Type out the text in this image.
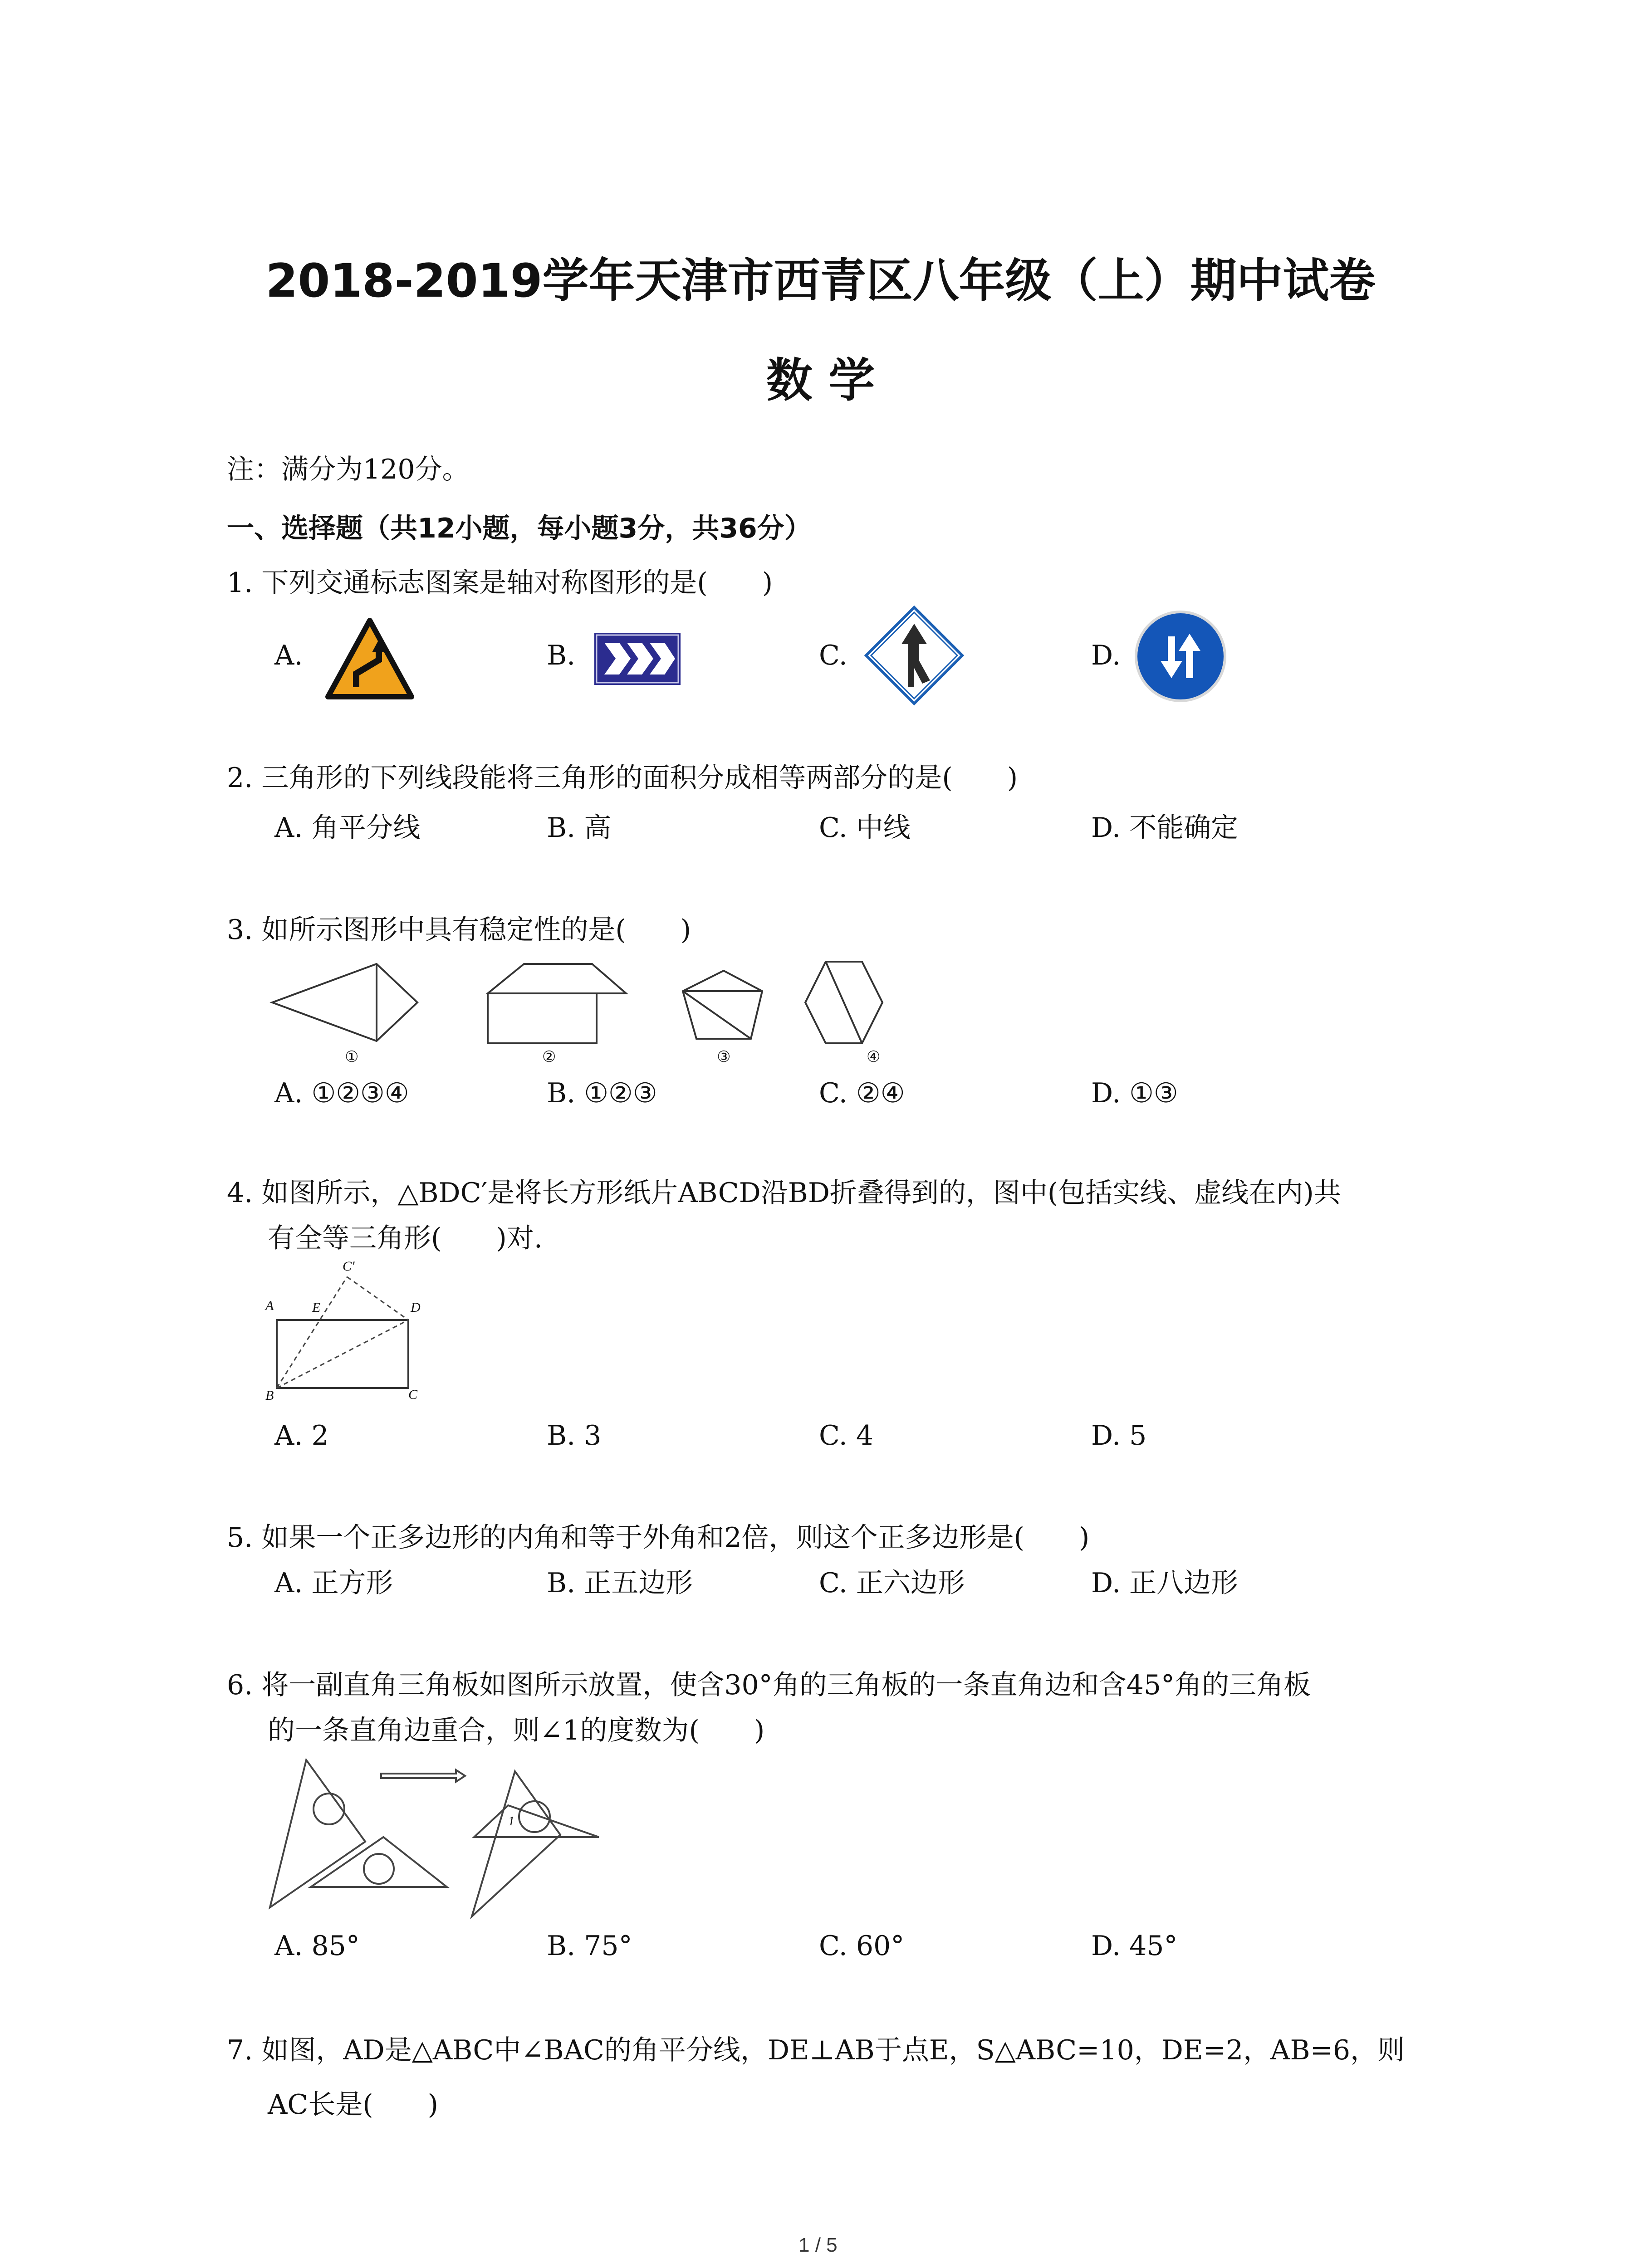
2018-2019学年天津市西青区八年级（上）期中试卷
数 学
注：满分为120分。
一、选择题（共12小题，每小题3分，共36分）
1. 下列交通标志图案是轴对称图形的是(　　)
A.	B.	C.	D.
2. 三角形的下列线段能将三角形的面积分成相等两部分的是(　　)
A. 角平分线	B. 高	C. 中线	D. 不能确定
3. 如所示图形中具有稳定性的是(　　)
①	②	③	④
A. ①②③④	B. ①②③	C. ②④	D. ①③
4. 如图所示，△BDC′是将长方形纸片ABCD沿BD折叠得到的，图中(包括实线、虚线在内)共
有全等三角形(　　)对.
A	E	D
B	C
C′
A. 2	B. 3	C. 4	D. 5
5. 如果一个正多边形的内角和等于外角和2倍，则这个正多边形是(　　)
A. 正方形	B. 正五边形	C. 正六边形	D. 正八边形
6. 将一副直角三角板如图所示放置，使含30°角的三角板的一条直角边和含45°角的三角板
的一条直角边重合，则∠1的度数为(　　)
1
A. 85°	B. 75°	C. 60°	D. 45°
7. 如图，AD是△ABC中∠BAC的角平分线，DE⊥AB于点E，S△ABC=10，DE=2，AB=6，则
AC长是(　　)
1 / 5
